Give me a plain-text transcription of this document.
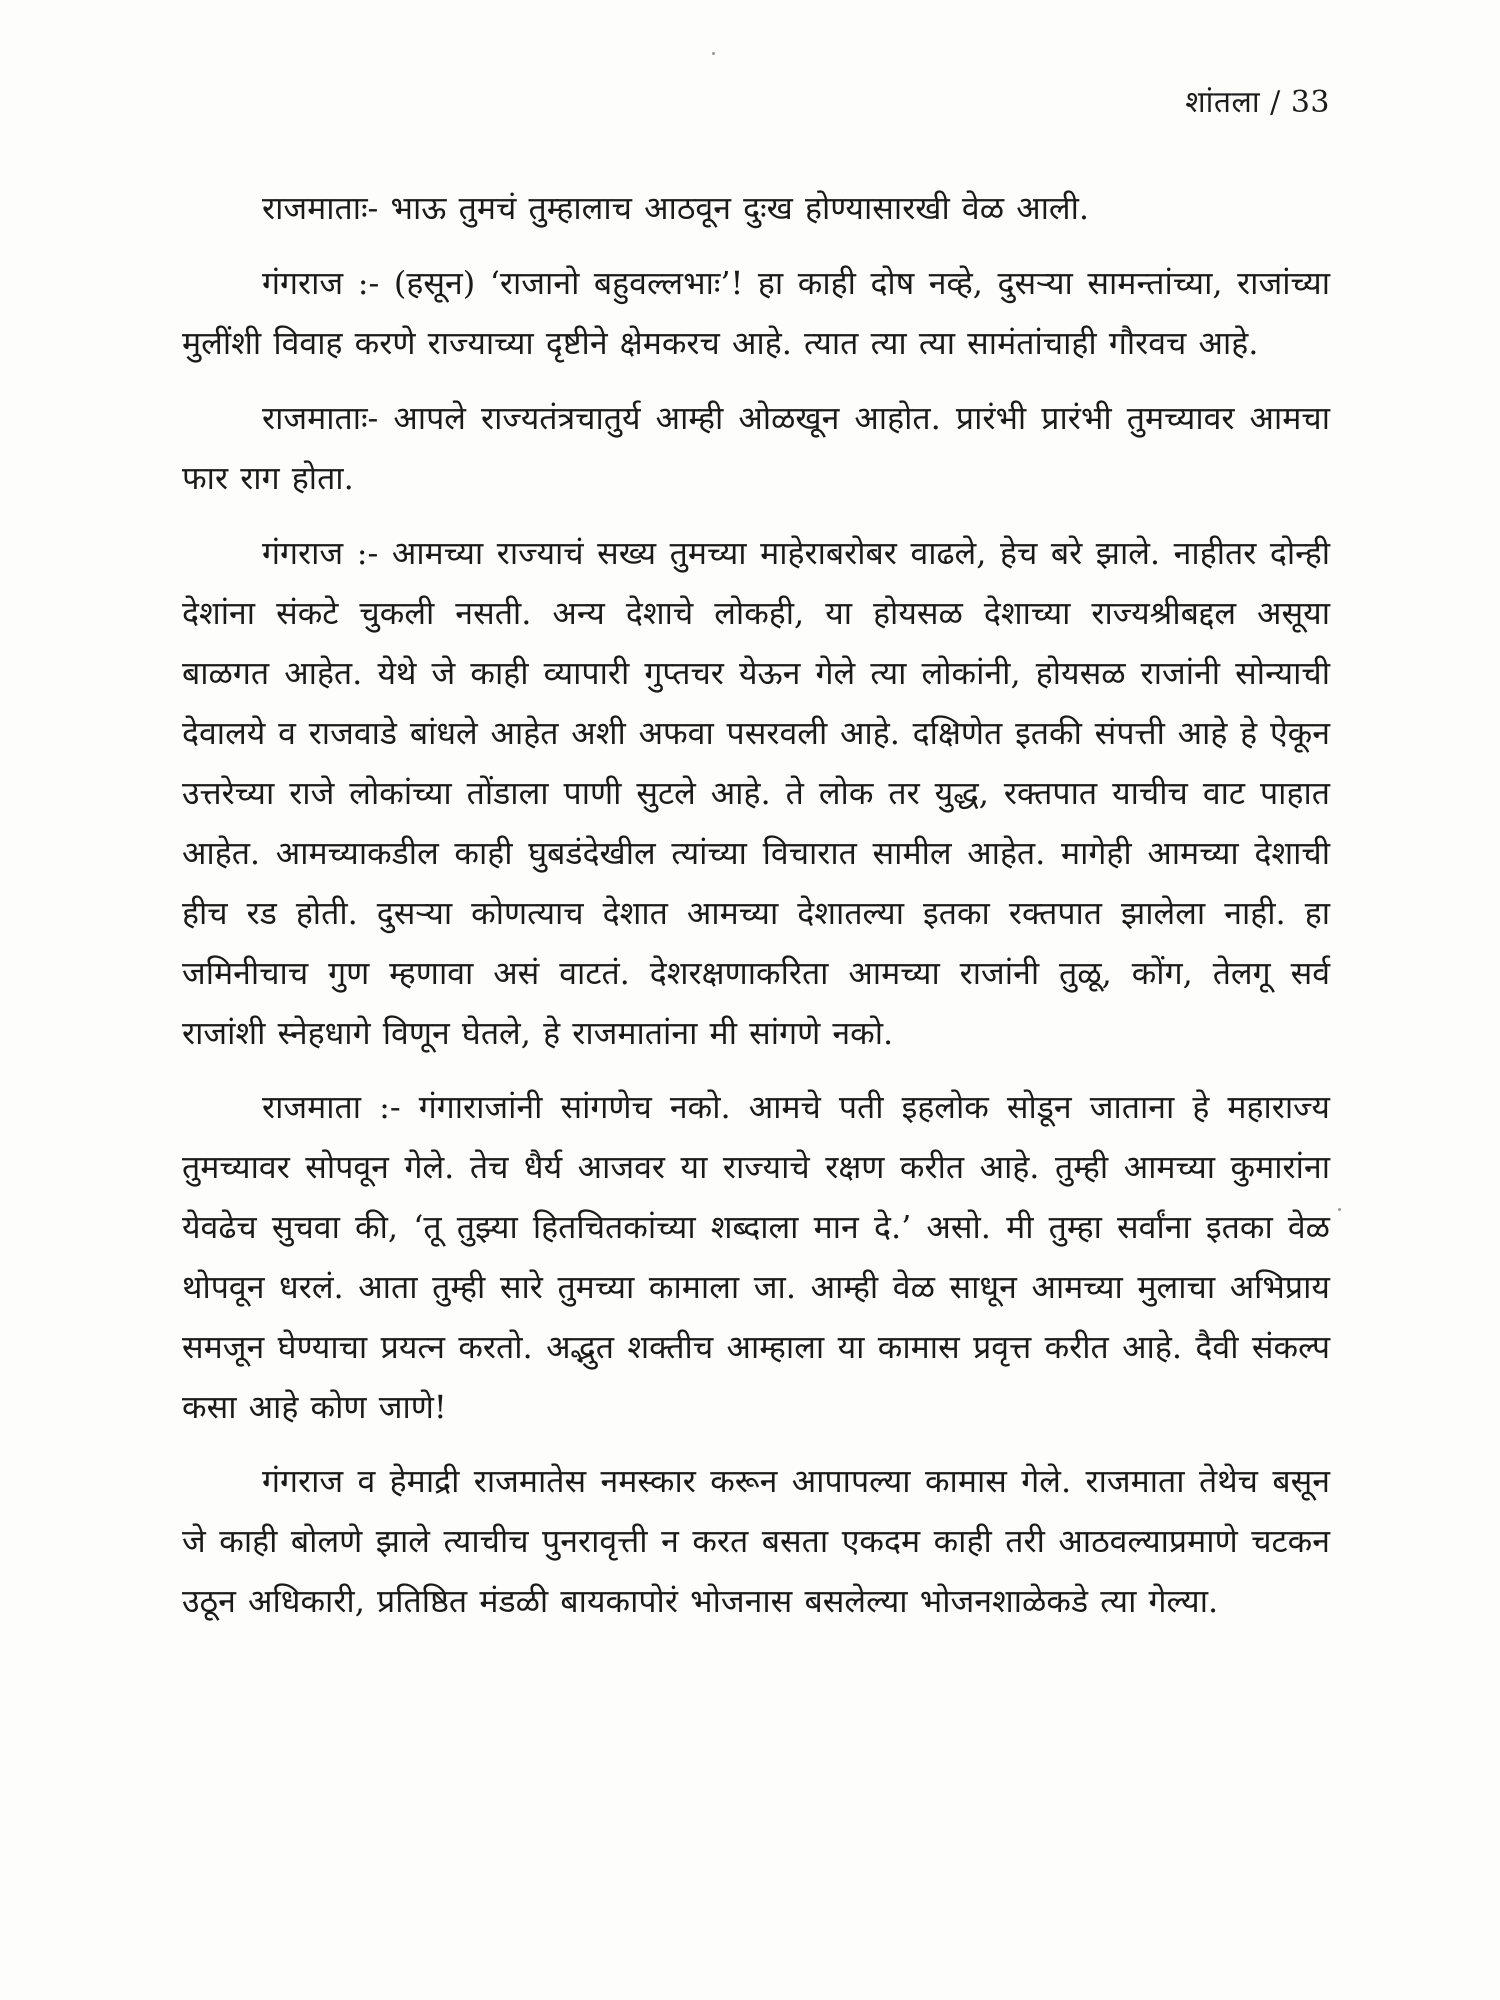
शांतला / 33

राजमाताः- भाऊ तुमचं तुम्हालाच आठवून दुःख होण्यासारखी वेळ आली.

गंगराज :- (हसून) ‘राजानो बहुवल्लभाः’! हा काही दोष नव्हे, दुसऱ्या सामन्तांच्या, राजांच्या मुलींशी विवाह करणे राज्याच्या दृष्टीने क्षेमकरच आहे. त्यात त्या त्या सामंतांचाही गौरवच आहे.

राजमाताः- आपले राज्यतंत्रचातुर्य आम्ही ओळखून आहोत. प्रारंभी प्रारंभी तुमच्यावर आमचा फार राग होता.

गंगराज :- आमच्या राज्याचं सख्य तुमच्या माहेराबरोबर वाढले, हेच बरे झाले. नाहीतर दोन्ही देशांना संकटे चुकली नसती. अन्य देशाचे लोकही, या होयसळ देशाच्या राज्यश्रीबद्दल असूया बाळगत आहेत. येथे जे काही व्यापारी गुप्तचर येऊन गेले त्या लोकांनी, होयसळ राजांनी सोन्याची देवालये व राजवाडे बांधले आहेत अशी अफवा पसरवली आहे. दक्षिणेत इतकी संपत्ती आहे हे ऐकून उत्तरेच्या राजे लोकांच्या तोंडाला पाणी सुटले आहे. ते लोक तर युद्ध, रक्तपात याचीच वाट पाहात आहेत. आमच्याकडील काही घुबडंदेखील त्यांच्या विचारात सामील आहेत. मागेही आमच्या देशाची हीच रड होती. दुसऱ्या कोणत्याच देशात आमच्या देशातल्या इतका रक्तपात झालेला नाही. हा जमिनीचाच गुण म्हणावा असं वाटतं. देशरक्षणाकरिता आमच्या राजांनी तुळू, कोंग, तेलगू सर्व राजांशी स्नेहधागे विणून घेतले, हे राजमातांना मी सांगणे नको.

राजमाता :- गंगाराजांनी सांगणेच नको. आमचे पती इहलोक सोडून जाताना हे महाराज्य तुमच्यावर सोपवून गेले. तेच धैर्य आजवर या राज्याचे रक्षण करीत आहे. तुम्ही आमच्या कुमारांना येवढेच सुचवा की, ‘तू तुझ्या हितचितकांच्या शब्दाला मान दे.’ असो. मी तुम्हा सर्वांना इतका वेळ थोपवून धरलं. आता तुम्ही सारे तुमच्या कामाला जा. आम्ही वेळ साधून आमच्या मुलाचा अभिप्राय समजून घेण्याचा प्रयत्न करतो. अद्भुत शक्तीच आम्हाला या कामास प्रवृत्त करीत आहे. दैवी संकल्प कसा आहे कोण जाणे!

गंगराज व हेमाद्री राजमातेस नमस्कार करून आपापल्या कामास गेले. राजमाता तेथेच बसून जे काही बोलणे झाले त्याचीच पुनरावृत्ती न करत बसता एकदम काही तरी आठवल्याप्रमाणे चटकन उठून अधिकारी, प्रतिष्ठित मंडळी बायकापोरं भोजनास बसलेल्या भोजनशाळेकडे त्या गेल्या.
